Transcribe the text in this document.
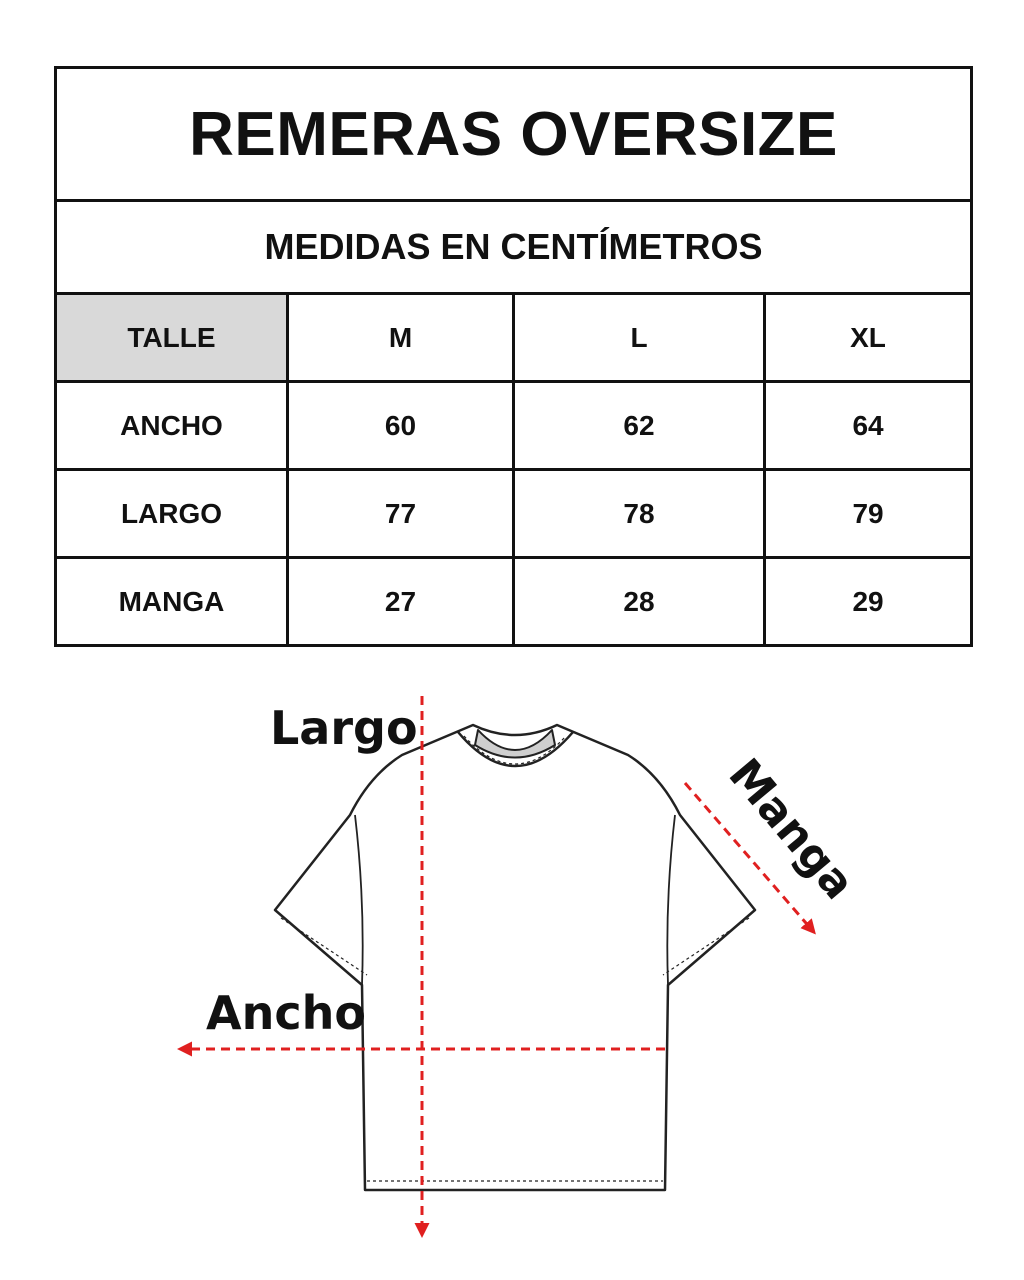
REMERAS OVERSIZE			
MEDIDAS EN CENTÍMETROS			
TALLE	M	L	XL
ANCHO	60	62	64
LARGO	77	78	79
MANGA	27	28	29
Largo
Ancho
Manga
